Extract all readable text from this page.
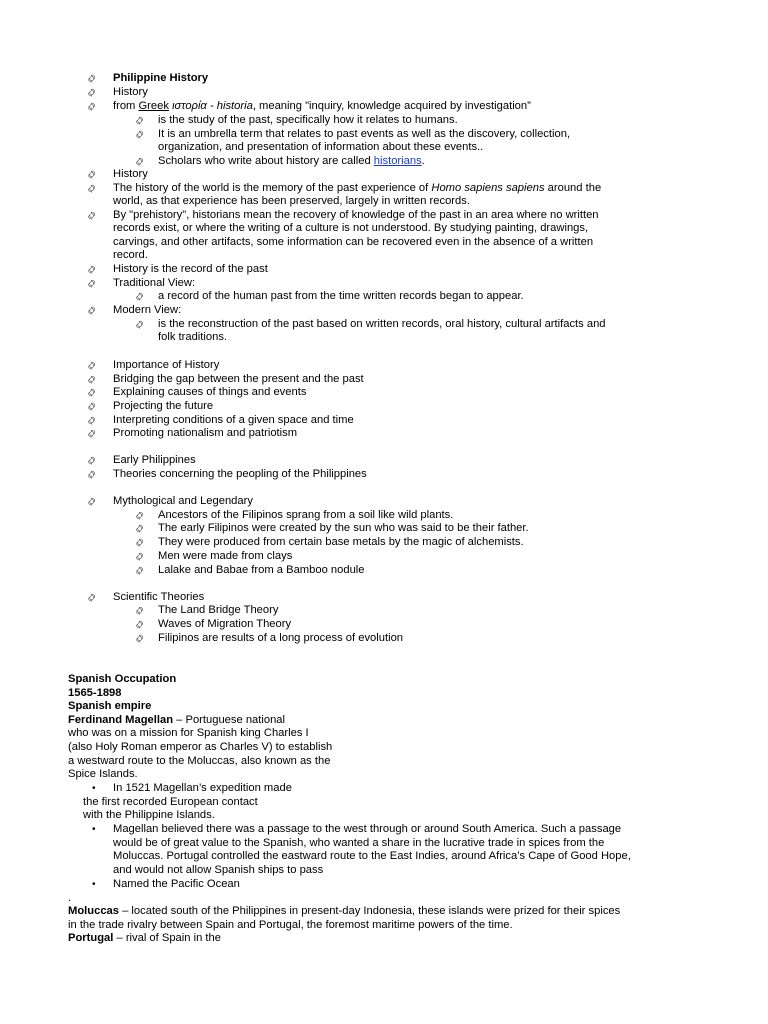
࿂ Philippine History
࿂ History
࿂ from Greek ιστορία - historia, meaning "inquiry, knowledge acquired by investigation”
࿂ is the study of the past, specifically how it relates to humans.
࿂ It is an umbrella term that relates to past events as well as the discovery, collection,
organization, and presentation of information about these events..
࿂ Scholars who write about history are called historians.
࿂ History
࿂ The history of the world is the memory of the past experience of Homo sapiens sapiens around the
world, as that experience has been preserved, largely in written records.
࿂ By "prehistory", historians mean the recovery of knowledge of the past in an area where no written
records exist, or where the writing of a culture is not understood. By studying painting, drawings,
carvings, and other artifacts, some information can be recovered even in the absence of a written
record.
࿂ History is the record of the past
࿂ Traditional View:
࿂ a record of the human past from the time written records began to appear.
࿂ Modern View:
࿂ is the reconstruction of the past based on written records, oral history, cultural artifacts and
folk traditions.
࿂ Importance of History
࿂ Bridging the gap between the present and the past
࿂ Explaining causes of things and events
࿂ Projecting the future
࿂ Interpreting conditions of a given space and time
࿂ Promoting nationalism and patriotism
࿂ Early Philippines
࿂ Theories concerning the peopling of the Philippines
࿂ Mythological and Legendary
࿂ Ancestors of the Filipinos sprang from a soil like wild plants.
࿂ The early Filipinos were created by the sun who was said to be their father.
࿂ They were produced from certain base metals by the magic of alchemists.
࿂ Men were made from clays
࿂ Lalake and Babae from a Bamboo nodule
࿂ Scientific Theories
࿂ The Land Bridge Theory
࿂ Waves of Migration Theory
࿂ Filipinos are results of a long process of evolution
Spanish Occupation
1565-1898
Spanish empire
Ferdinand Magellan – Portuguese national
who was on a mission for Spanish king Charles I
(also Holy Roman emperor as Charles V) to establish
a westward route to the Moluccas, also known as the
Spice Islands.
• In 1521 Magellan’s expedition made
the first recorded European contact
with the Philippine Islands.
• Magellan believed there was a passage to the west through or around South America. Such a passage
would be of great value to the Spanish, who wanted a share in the lucrative trade in spices from the
Moluccas. Portugal controlled the eastward route to the East Indies, around Africa’s Cape of Good Hope,
and would not allow Spanish ships to pass
• Named the Pacific Ocean
.
Moluccas – located south of the Philippines in present-day Indonesia, these islands were prized for their spices
in the trade rivalry between Spain and Portugal, the foremost maritime powers of the time.
Portugal – rival of Spain in the
